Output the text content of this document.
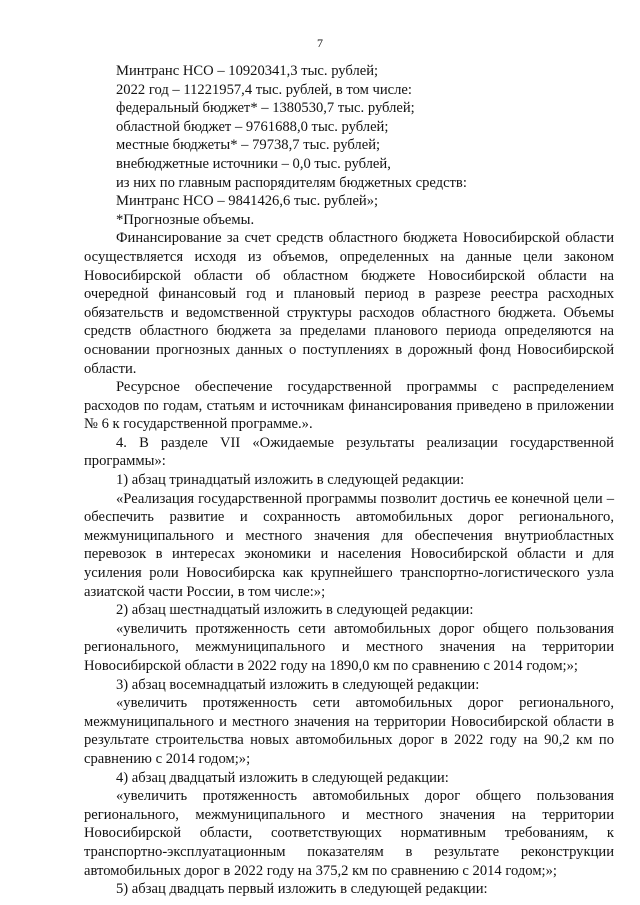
7

Минтранс НСО – 10920341,3 тыс. рублей;

2022 год – 11221957,4 тыс. рублей, в том числе:

федеральный бюджет* – 1380530,7 тыс. рублей;

областной бюджет – 9761688,0 тыс. рублей;

местные бюджеты* – 79738,7 тыс. рублей;

внебюджетные источники – 0,0 тыс. рублей,

из них по главным распорядителям бюджетных средств:

Минтранс НСО – 9841426,6 тыс. рублей»;

*Прогнозные объемы.

Финансирование за счет средств областного бюджета Новосибирской области осуществляется исходя из объемов, определенных на данные цели законом Новосибирской области об областном бюджете Новосибирской области на очередной финансовый год и плановый период в разрезе реестра расходных обязательств и ведомственной структуры расходов областного бюджета. Объемы средств областного бюджета за пределами планового периода определяются на основании прогнозных данных о поступлениях в дорожный фонд Новосибирской области.

Ресурсное обеспечение государственной программы с распределением расходов по годам, статьям и источникам финансирования приведено в приложении № 6 к государственной программе.».

4. В разделе VII «Ожидаемые результаты реализации государственной программы»:

1) абзац тринадцатый изложить в следующей редакции:

«Реализация государственной программы позволит достичь ее конечной цели – обеспечить развитие и сохранность автомобильных дорог регионального, межмуниципального и местного значения для обеспечения внутриобластных перевозок в интересах экономики и населения Новосибирской области и для усиления роли Новосибирска как крупнейшего транспортно-логистического узла азиатской части России, в том числе:»;

2) абзац шестнадцатый изложить в следующей редакции:

«увеличить протяженность сети автомобильных дорог общего пользования регионального, межмуниципального и местного значения на территории Новосибирской области в 2022 году на 1890,0 км по сравнению с 2014 годом;»;

3) абзац восемнадцатый изложить в следующей редакции:

«увеличить протяженность сети автомобильных дорог регионального, межмуниципального и местного значения на территории Новосибирской области в результате строительства новых автомобильных дорог в 2022 году на 90,2 км по сравнению с 2014 годом;»;

4) абзац двадцатый изложить в следующей редакции:

«увеличить протяженность автомобильных дорог общего пользования регионального, межмуниципального и местного значения на территории Новосибирской области, соответствующих нормативным требованиям, к транспортно-эксплуатационным показателям в результате реконструкции автомобильных дорог в 2022 году на 375,2 км по сравнению с 2014 годом;»;

5) абзац двадцать первый изложить в следующей редакции:
